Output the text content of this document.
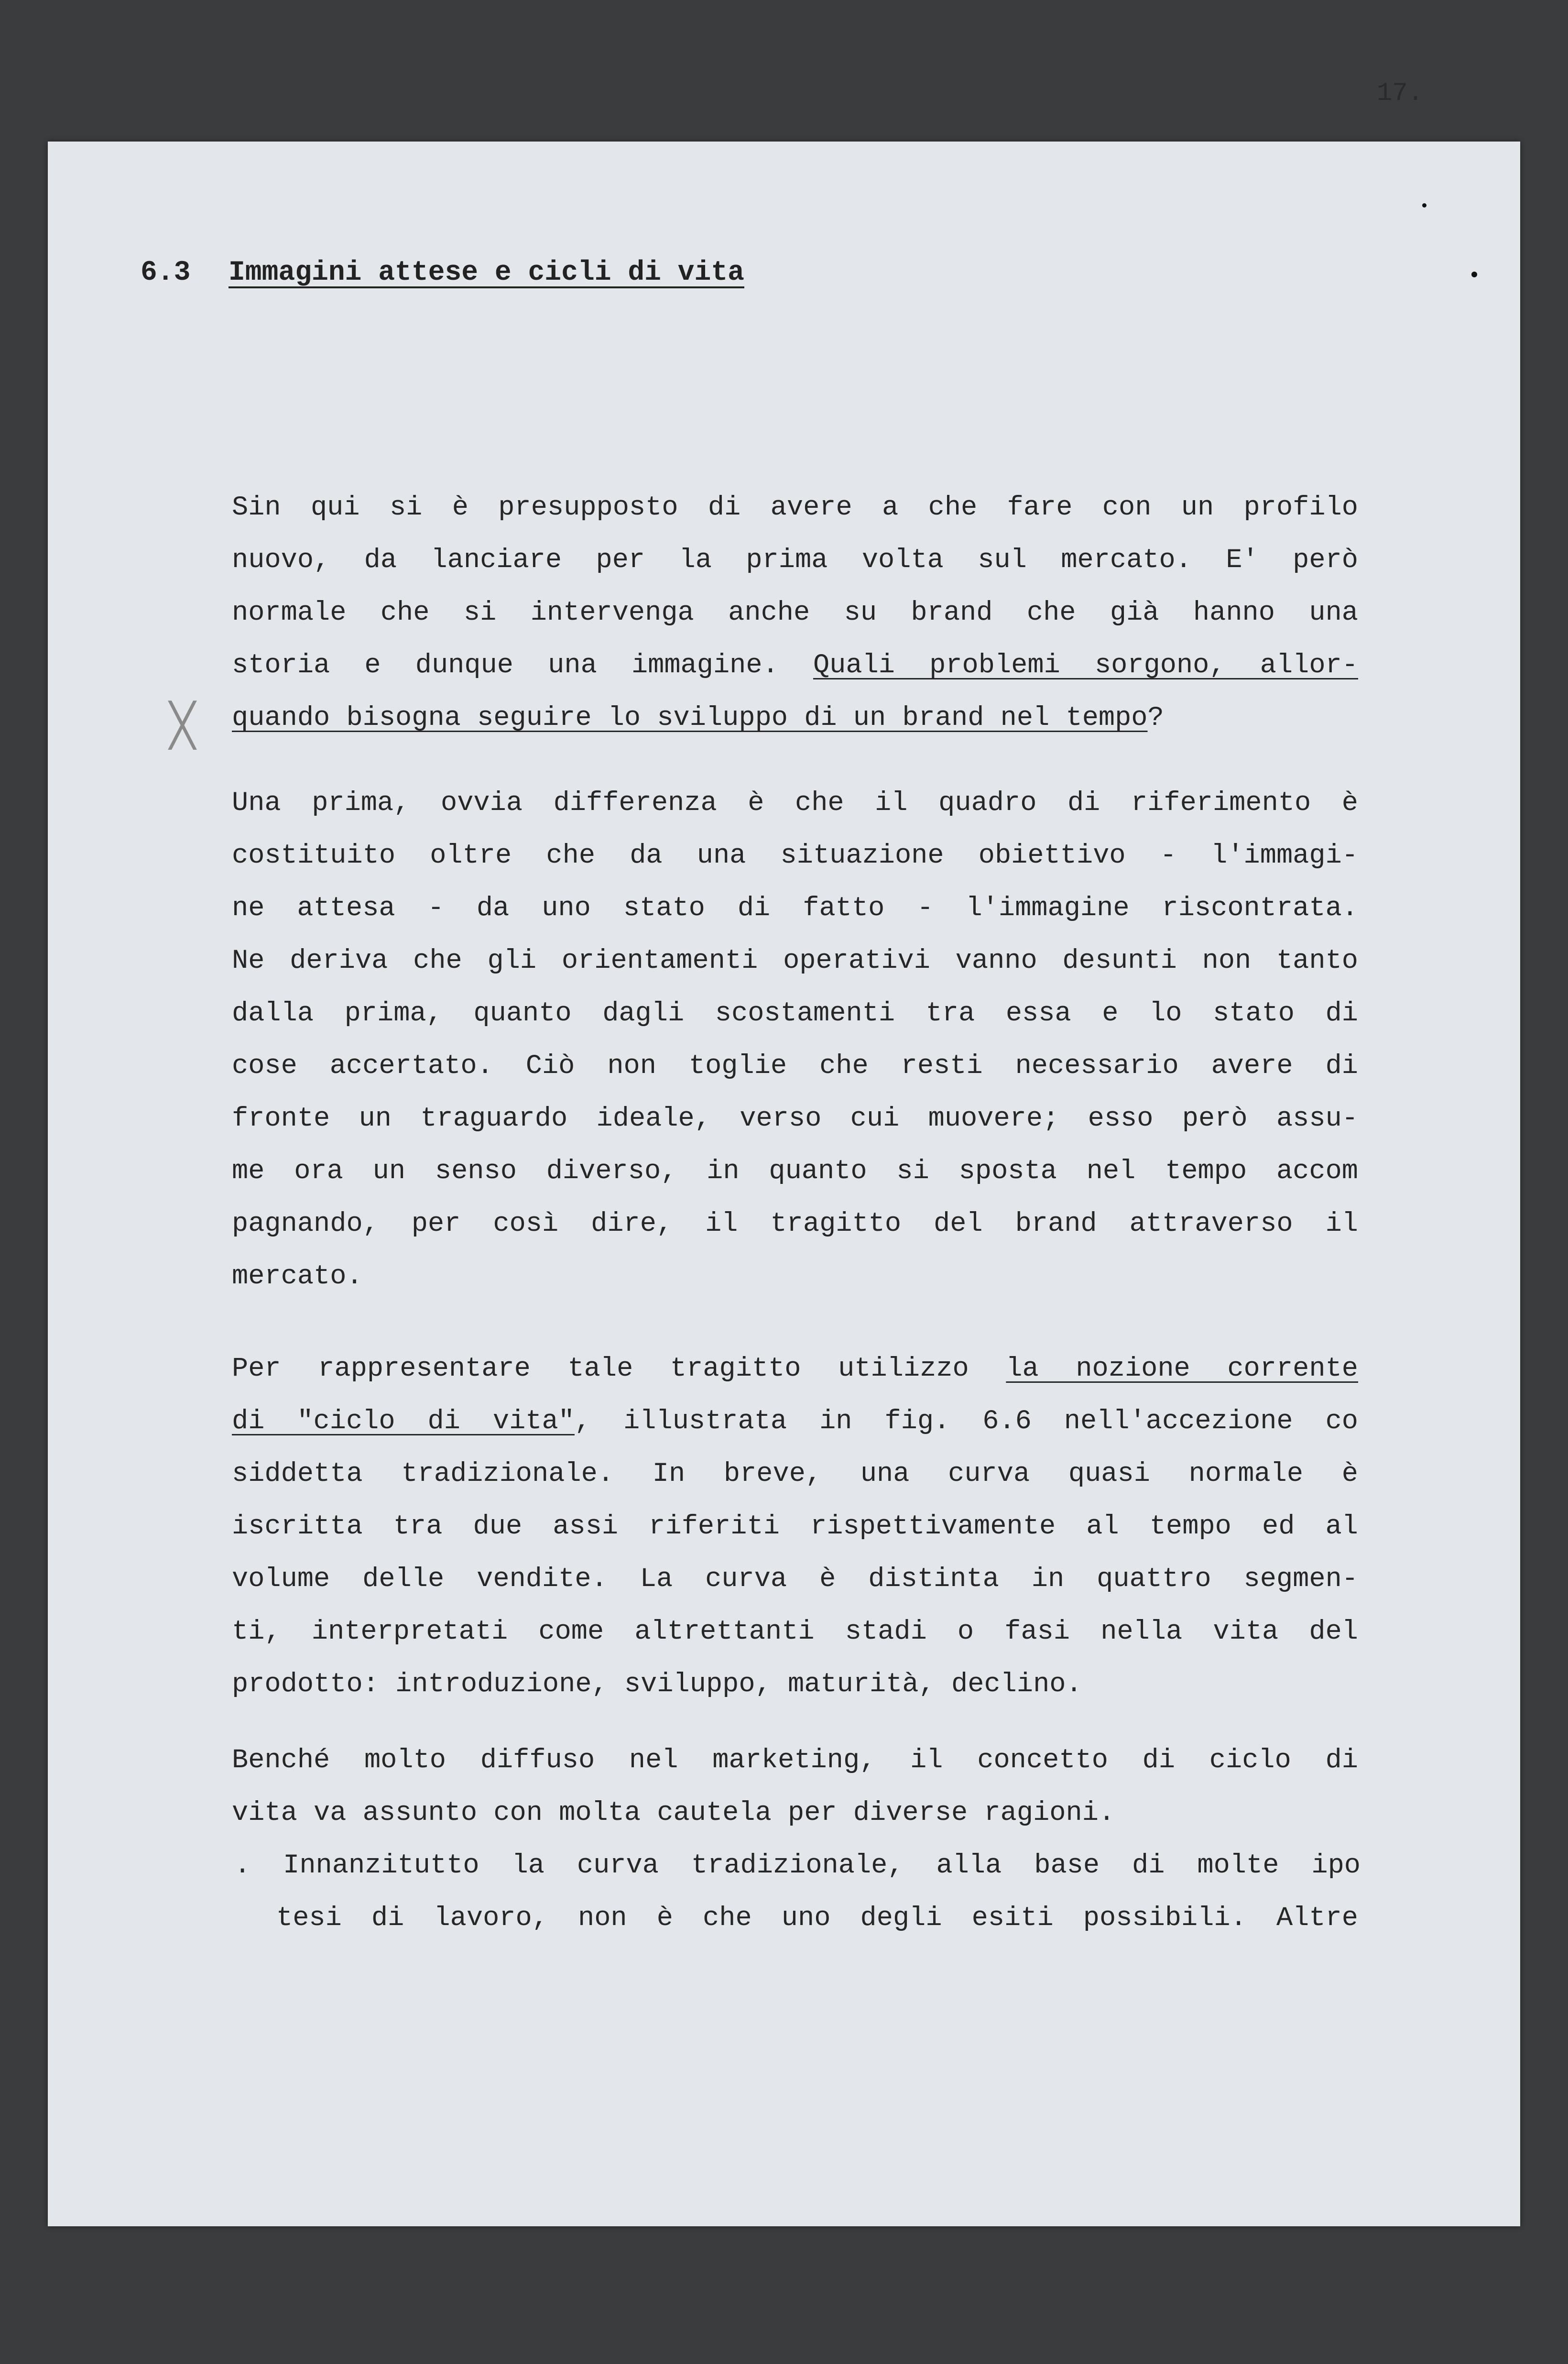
17.
6.3 Immagini attese e cicli di vita
╳
Sin qui si è presupposto di avere a che fare con un profilo
nuovo, da lanciare per la prima volta sul mercato. E' però
normale che si intervenga anche su brand che già hanno una
storia e dunque una immagine. Quali problemi sorgono, allor-
quando bisogna seguire lo sviluppo di un brand nel tempo?
Una prima, ovvia differenza è che il quadro di riferimento è
costituito oltre che da una situazione obiettivo - l'immagi-
ne attesa - da uno stato di fatto - l'immagine riscontrata.
Ne deriva che gli orientamenti operativi vanno desunti non tanto
dalla prima, quanto dagli scostamenti tra essa e lo stato di
cose accertato. Ciò non toglie che resti necessario avere di
fronte un traguardo ideale, verso cui muovere; esso però assu-
me ora un senso diverso, in quanto si sposta nel tempo accom
pagnando, per così dire, il tragitto del brand attraverso il
mercato.
Per rappresentare tale tragitto utilizzo la nozione corrente
di "ciclo di vita", illustrata in fig. 6.6 nell'accezione co
siddetta tradizionale. In breve, una curva quasi normale è
iscritta tra due assi riferiti rispettivamente al tempo ed al
volume delle vendite. La curva è distinta in quattro segmen-
ti, interpretati come altrettanti stadi o fasi nella vita del
prodotto: introduzione, sviluppo, maturità, declino.
Benché molto diffuso nel marketing, il concetto di ciclo di
vita va assunto con molta cautela per diverse ragioni.
. Innanzitutto la curva tradizionale, alla base di molte ipo
tesi di lavoro, non è che uno degli esiti possibili. Altre
